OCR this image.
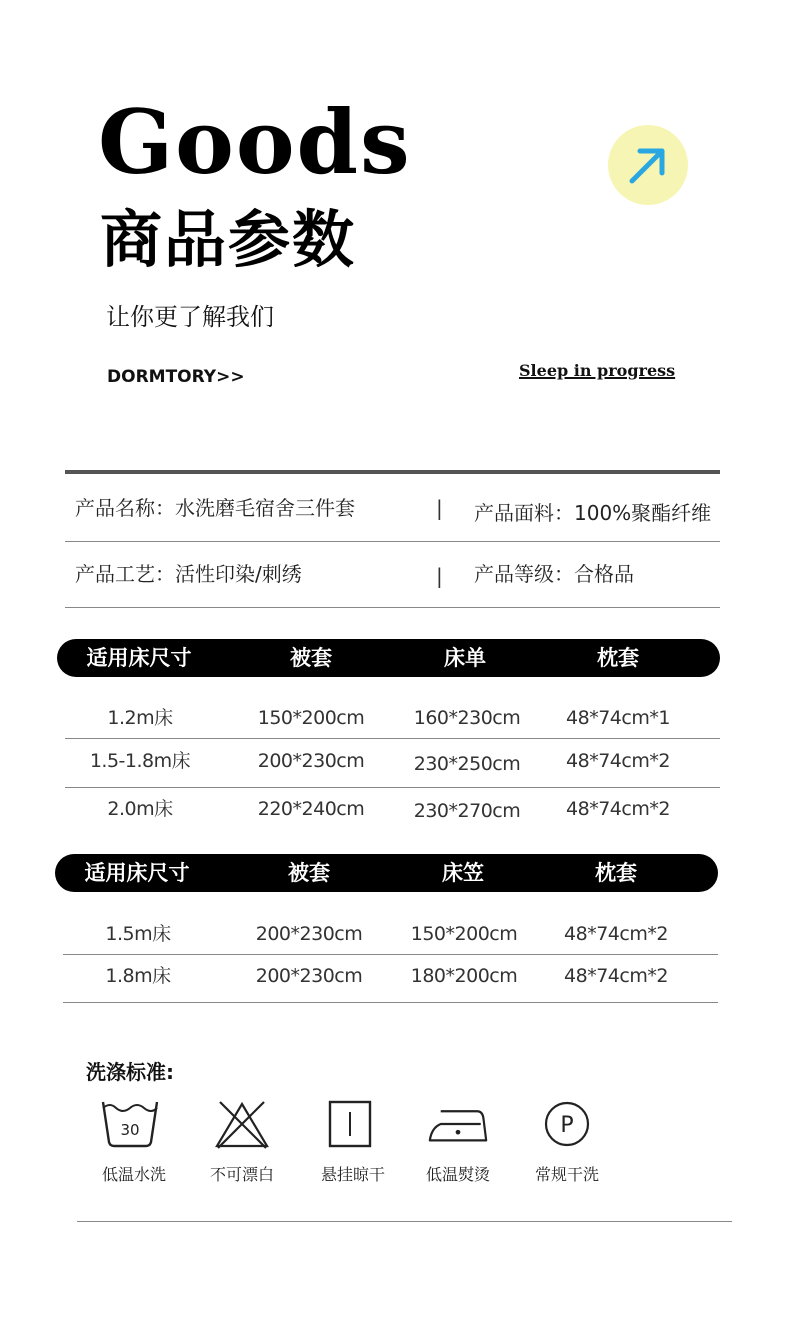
Goods
商品参数
让你更了解我们
DORMTORY>>	Sleep in progress
产品名称：水洗磨毛宿舍三件套	| 产品面料：100%聚酯纤维
产品工艺：活性印染/刺绣	| 产品等级：合格品
适用床尺寸	被套	床单	枕套
1.2m床	150*200cm	160*230cm 48*74cm*1
1.5-1.8m床	200*230cm	230*250cm 48*74cm*2
2.0m床	220*240cm	230*270cm 48*74cm*2
适用床尺寸	被套	床笠	枕套
1.5m床	200*230cm	150*200cm 48*74cm*2
1.8m床	200*230cm	180*200cm 48*74cm*2
洗涤标准:
30	P
低温水洗	不可漂白	悬挂晾干	低温熨烫	常规干洗
